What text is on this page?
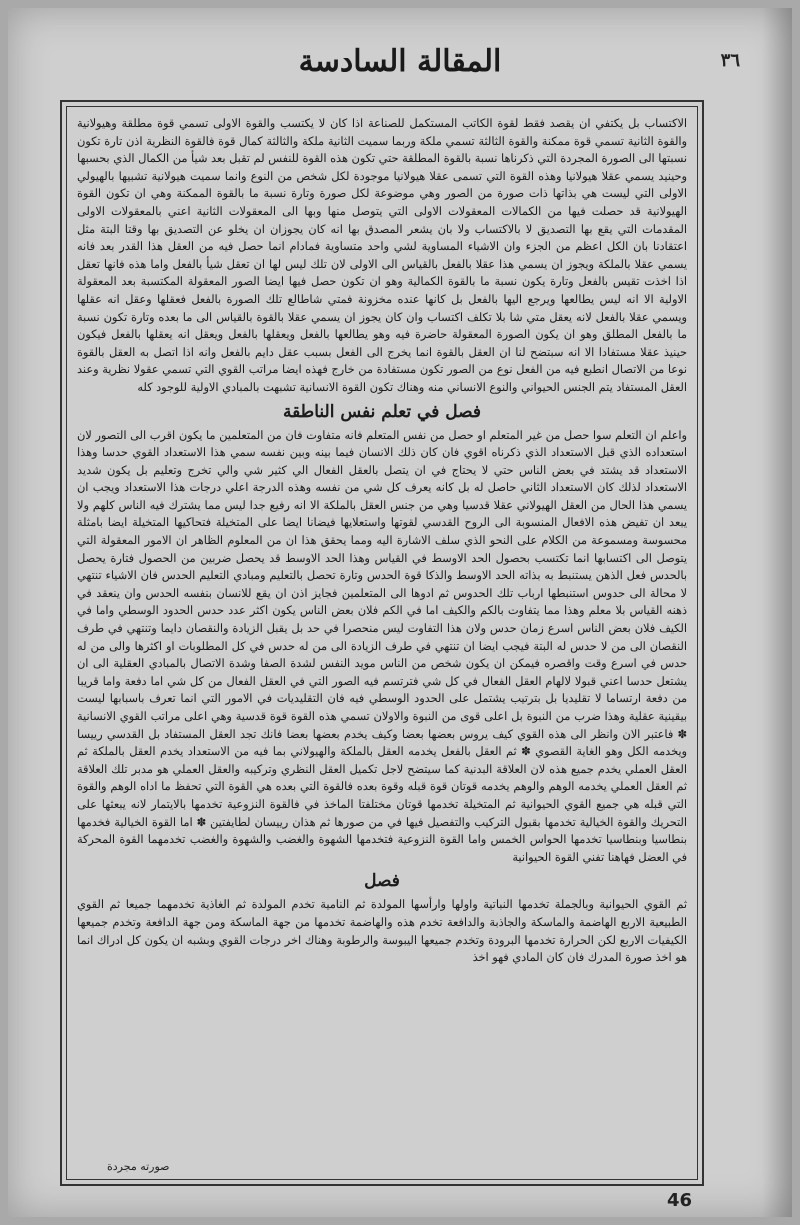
المقالة السادسة	٣٦

الاكتساب بل يكتفي ان يقصد فقط لقوة الكاتب المستكمل للصناعة اذا كان لا يكتسب والقوة الاولى تسمي قوة مطلقة وهيولانية والقوة الثانية تسمي قوة ممكنة والقوة الثالثة تسمي ملكة وربما سميت الثانية ملكة والثالثة كمال قوة فالقوة النظرية اذن تارة تكون نسبتها الى الصورة المجردة التي ذكرناها نسبة بالقوة المطلقة حتي تكون هذه القوة للنفس لم تقبل بعد شيأ من الكمال الذي بحسبها وحينيد يسمي عقلا هيولانيا وهذه القوة التي تسمى عقلا هيولانيا موجودة لكل شخص من النوع وانما سميت هيولانية تشبيها بالهيولي الاولى التي ليست هي بذاتها ذات صورة من الصور وهي موضوعة لكل صورة وتارة نسبة ما بالقوة الممكنة وهي ان تكون القوة الهيولانية قد حصلت فيها من الكمالات المعقولات الاولى التي يتوصل منها وبها الى المعقولات الثانية اعني بالمعقولات الاولى المقدمات التي يقع بها التصديق لا بالاكتساب ولا بان يشعر المصدق بها انه كان يجوزان ان يخلو عن التصديق بها وقتا البتة مثل اعتقادنا بان الكل اعظم من الجزء وان الاشياء المساوية لشي واحد متساوية فمادام انما حصل فيه من العقل هذا القدر بعد فانه يسمي عقلا بالملكة ويجوز ان يسمي هذا عقلا بالفعل بالقياس الى الاولى لان تلك ليس لها ان تعقل شيأ بالفعل واما هذه فانها تعقل اذا اخذت تقيس بالفعل وتارة يكون نسبة ما بالقوة الكمالية وهو ان تكون حصل فيها ايضا الصور المعقولة المكتسبة بعد المعقولة الاولية الا انه ليس يطالعها ويرجع اليها بالفعل بل كانها عنده مخزونة فمتي شاطالع تلك الصورة بالفعل فعقلها وعقل انه عقلها ويسمي عقلا بالفعل لانه يعقل متي شا بلا تكلف اكتساب وان كان يجوز ان يسمي عقلا بالقوة بالقياس الى ما بعده وتارة تكون نسبة ما بالفعل المطلق وهو ان يكون الصورة المعقولة حاضرة فيه وهو يطالعها بالفعل ويعقلها بالفعل ويعقل انه يعقلها بالفعل فيكون حينيذ عقلا مستفادا الا انه سبتضح لنا ان العقل بالقوة انما يخرج الى الفعل بسبب عقل دايم بالفعل وانه اذا اتصل به العقل بالقوة نوعا من الاتصال انطبع فيه من الفعل نوع من الصور تكون مستفادة من خارج فهذه ايضا مراتب القوي التي تسمي عقولا نظرية وعند العقل المستفاد يتم الجنس الحيواني والنوع الانساني منه وهناك تكون القوة الانسانية تشبهت بالمبادي الاولية للوجود كله

فصل في تعلم نفس الناطقة

واعلم ان التعلم سوا حصل من غير المتعلم او حصل من نفس المتعلم فانه متفاوت فان من المتعلمين ما يكون اقرب الى التصور لان استعداده الذي قبل الاستعداد الذي ذكرناه اقوي فان كان ذلك الانسان فيما بينه وبين نفسه سمي هذا الاستعداد القوي حدسا وهذا الاستعداد قد يشتد في بعض الناس حتي لا يحتاج في ان يتصل بالعقل الفعال الي كثير شي والي تخرج وتعليم بل يكون شديد الاستعداد لذلك كان الاستعداد الثاني حاصل له بل كانه يعرف كل شي من نفسه وهذه الدرجة اعلي درجات هذا الاستعداد ويجب ان يسمي هذا الحال من العقل الهيولاني عقلا قدسيا وهي من جنس العقل بالملكة الا انه رفيع جدا ليس مما يشترك فيه الناس كلهم ولا يبعد ان تفيض هذه الافعال المنسوبة الى الروح القدسي لقوتها واستعلايها فيضانا ايضا على المتخيلة فتحاكيها المتخيلة ايضا بامثلة محسوسة ومسموعة من الكلام على النحو الذي سلف الاشارة اليه ومما يحقق هذا ان من المعلوم الظاهر ان الامور المعقولة التي يتوصل الى اكتسابها انما تكتسب بحصول الحد الاوسط في القياس وهذا الحد الاوسط قد يحصل ضربين من الحصول فتارة يحصل بالحدس فعل الذهن يستنبط به بذاته الحد الاوسط والذكا قوة الحدس وتارة تحصل بالتعليم ومبادي التعليم الحدس فان الاشياء تنتهي لا محالة الى حدوس استنبطها ارباب تلك الحدوس ثم ادوها الى المتعلمين فجايز اذن ان يقع للانسان بنفسه الحدس وان ينعقد في ذهنه القياس بلا معلم وهذا مما يتفاوت بالكم والكيف اما في الكم فلان بعض الناس يكون اكثر عدد حدس الحدود الوسطي واما في الكيف فلان بعض الناس اسرع زمان حدس ولان هذا التفاوت ليس منحصرا في حد بل يقبل الزيادة والنقصان دايما وتنتهي في طرف النقصان الى من لا حدس له البتة فيجب ايضا ان تنتهي في طرف الزيادة الى من له حدس في كل المطلوبات او اكثرها والى من له حدس في اسرع وقت واقصره فيمكن ان يكون شخص من الناس مويد النفس لشدة الصفا وشدة الاتصال بالمبادي العقلية الى ان يشتعل حدسا اعني قبولا لالهام العقل الفعال في كل شي فترتسم فيه الصور التي في العقل الفعال من كل شي اما دفعة واما قريبا من دفعة ارتساما لا تقليديا بل بترتيب يشتمل على الحدود الوسطي فيه فان التقليديات في الامور التي انما تعرف باسبابها ليست بيقينية عقلية وهذا ضرب من النبوة بل اعلى قوى من النبوة والاولان تسمي هذه القوة قوة قدسية وهي اعلى مراتب القوي الانسانية ✽ فاعتبر الان وانظر الى هذه القوي كيف يروس بعضها بعضا وكيف يخدم بعضها بعضا فانك تجد العقل المستفاد بل القدسي رييسا ويخدمه الكل وهو الغاية القصوي ✽ ثم العقل بالفعل يخدمه العقل بالملكة والهيولاني بما فيه من الاستعداد يخدم العقل بالملكة ثم العقل العملي يخدم جميع هذه لان العلاقة البدنية كما سيتضح لاجل تكميل العقل النظري وتركيبه والعقل العملي هو مدبر تلك العلاقة ثم العقل العملي يخدمه الوهم والوهم يخدمه قوتان قوة قبله وقوة بعده فالقوة التي بعده هي القوة التي تحفظ ما اداه الوهم والقوة التي قبله هي جميع القوي الحيوانية ثم المتخيلة تخدمها قوتان مختلفتا الماخذ في فالقوة النزوعية تخدمها بالايتمار لانه يبعثها على التحريك والقوة الخيالية تخدمها بقبول التركيب والتفصيل فيها في من صورها ثم هذان رييسان لطايفتين ✽ اما القوة الخيالية فخدمها بنطاسيا وبنطاسيا تخدمها الحواس الخمس واما القوة النزوعية فتخدمها الشهوة والغضب والشهوة والغضب تخدمهما القوة المحركة في العضل فهاهنا تفني القوة الحيوانية

فصل

ثم القوي الحيوانية وبالجملة تخدمها النباتية واولها وارأسها المولدة ثم النامية تخدم المولدة ثم الغاذية تخدمهما جميعا ثم القوي الطبيعية الاربع الهاضمة والماسكة والجاذبة والدافعة تخدم هذه والهاضمة تخدمها من جهة الماسكة ومن جهة الدافعة وتخدم جميعها الكيفيات الاربع لكن الحرارة تخدمها البرودة وتخدم جميعها اليبوسة والرطوبة وهناك اخر درجات القوي وبشبه ان يكون كل ادراك انما هو اخذ صورة المدرك فان كان المادي فهو اخذ

صورته مجردة
46
